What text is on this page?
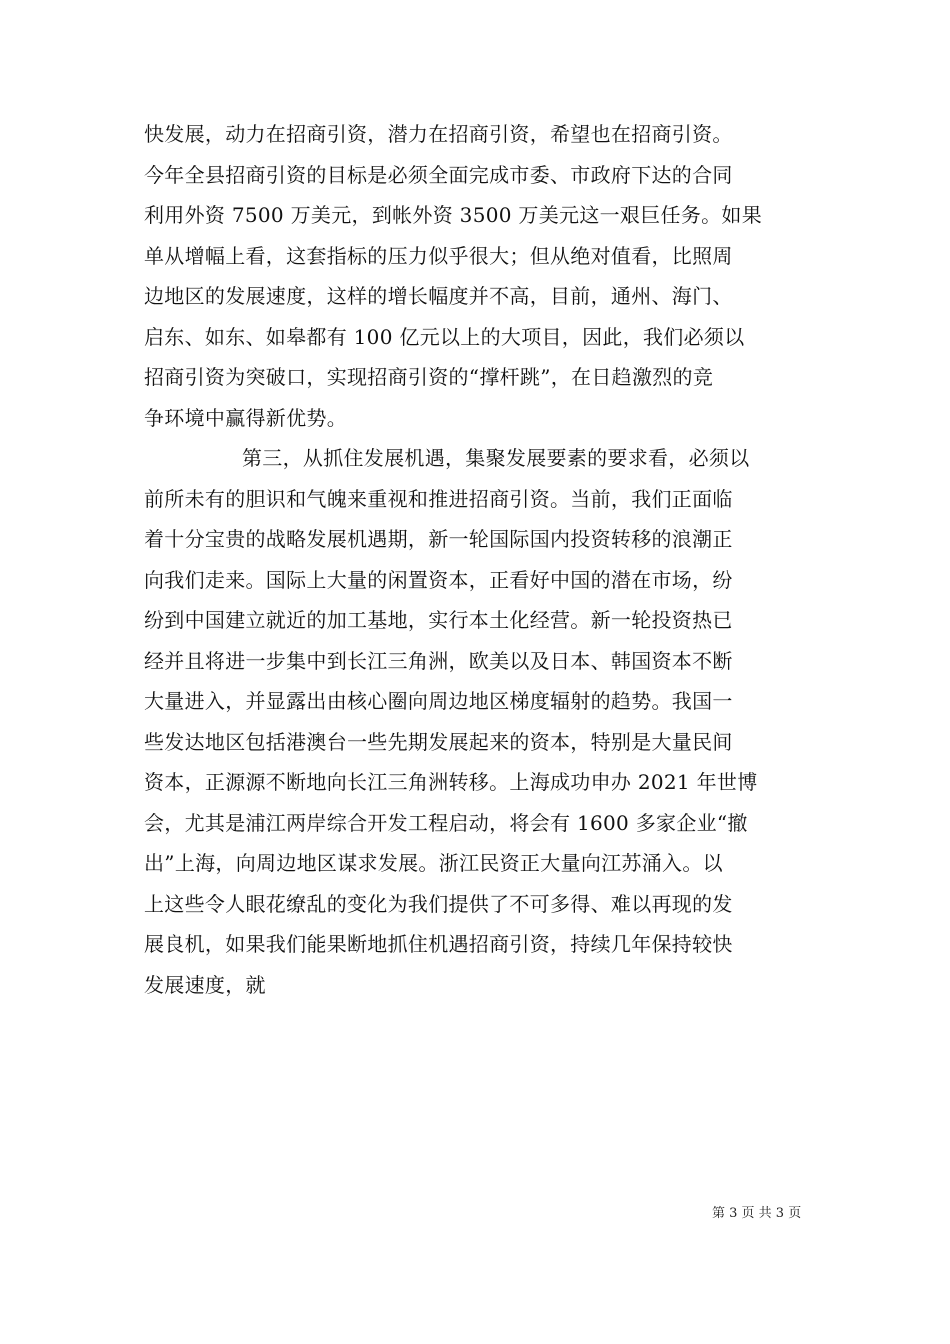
快发展，动力在招商引资，潜力在招商引资，希望也在招商引资。
今年全县招商引资的目标是必须全面完成市委、市政府下达的合同
利用外资 7500 万美元，到帐外资 3500 万美元这一艰巨任务。如果
单从增幅上看，这套指标的压力似乎很大；但从绝对值看，比照周
边地区的发展速度，这样的增长幅度并不高，目前，通州、海门、
启东、如东、如皋都有 100 亿元以上的大项目，因此，我们必须以
招商引资为突破口，实现招商引资的“撑杆跳”，在日趋激烈的竞
争环境中赢得新优势。
第三，从抓住发展机遇，集聚发展要素的要求看，必须以
前所未有的胆识和气魄来重视和推进招商引资。当前，我们正面临
着十分宝贵的战略发展机遇期，新一轮国际国内投资转移的浪潮正
向我们走来。国际上大量的闲置资本，正看好中国的潜在市场，纷
纷到中国建立就近的加工基地，实行本土化经营。新一轮投资热已
经并且将进一步集中到长江三角洲，欧美以及日本、韩国资本不断
大量进入，并显露出由核心圈向周边地区梯度辐射的趋势。我国一
些发达地区包括港澳台一些先期发展起来的资本，特别是大量民间
资本，正源源不断地向长江三角洲转移。上海成功申办 2021 年世博
会，尤其是浦江两岸综合开发工程启动，将会有 1600 多家企业“撤
出”上海，向周边地区谋求发展。浙江民资正大量向江苏涌入。以
上这些令人眼花缭乱的变化为我们提供了不可多得、难以再现的发
展良机，如果我们能果断地抓住机遇招商引资，持续几年保持较快
发展速度，就
第 3 页 共 3 页
